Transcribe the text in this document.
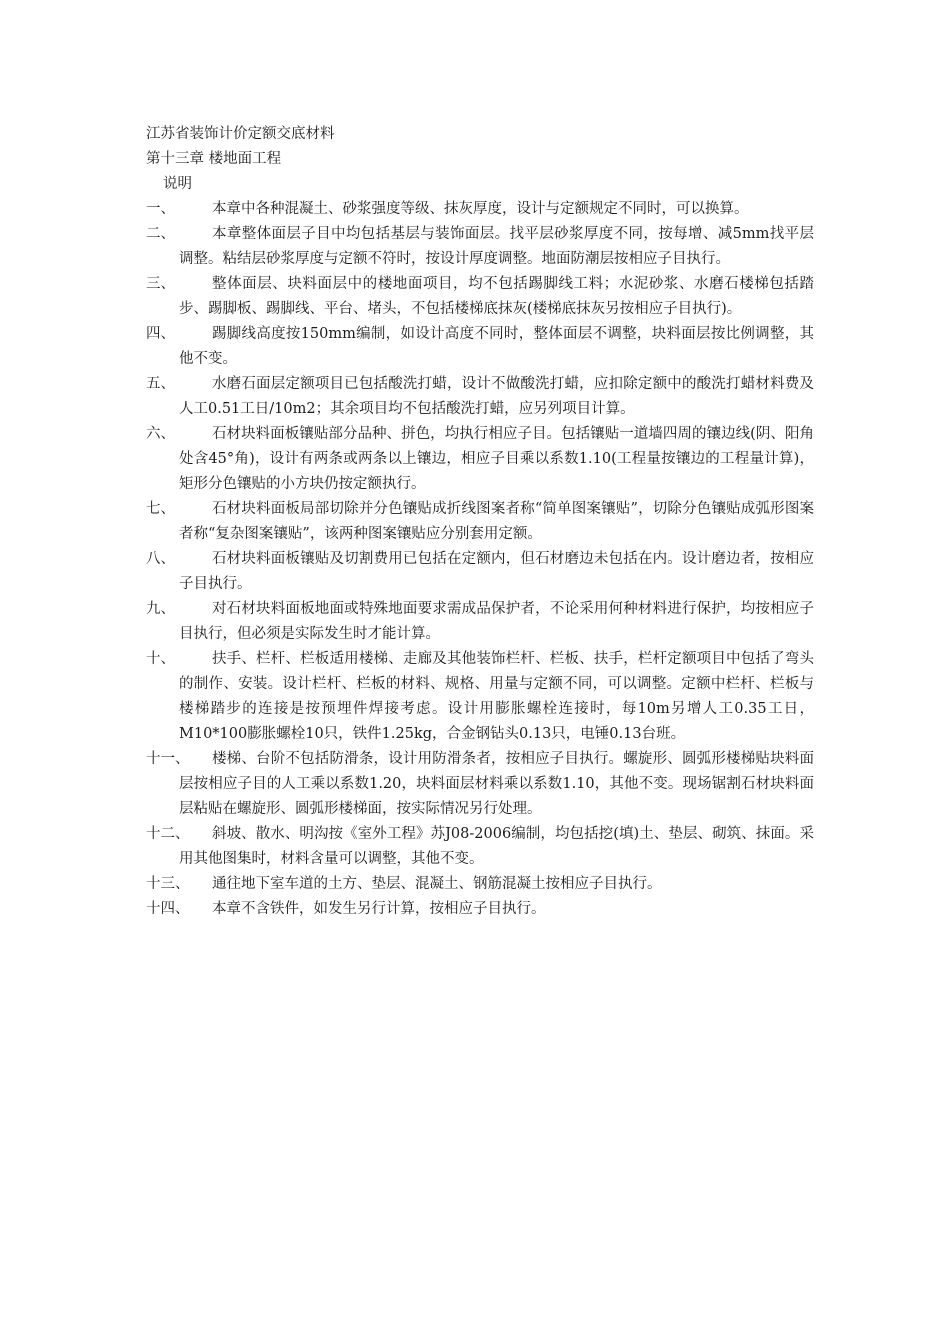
江苏省装饰计价定额交底材料
第十三章 楼地面工程
说明
一、	本章中各种混凝土、砂浆强度等级、抹灰厚度，设计与定额规定不同时，可以换算。
二、	本章整体面层子目中均包括基层与装饰面层。找平层砂浆厚度不同，按每增、减5mm找平层调整。粘结层砂浆厚度与定额不符时，按设计厚度调整。地面防潮层按相应子目执行。
三、	整体面层、块料面层中的楼地面项目，均不包括踢脚线工料；水泥砂浆、水磨石楼梯包括踏步、踢脚板、踢脚线、平台、堵头，不包括楼梯底抹灰(楼梯底抹灰另按相应子目执行)。
四、	踢脚线高度按150mm编制，如设计高度不同时，整体面层不调整，块料面层按比例调整，其他不变。
五、	水磨石面层定额项目已包括酸洗打蜡，设计不做酸洗打蜡，应扣除定额中的酸洗打蜡材料费及人工0.51工日/10m2；其余项目均不包括酸洗打蜡，应另列项目计算。
六、	石材块料面板镶贴部分品种、拼色，均执行相应子目。包括镶贴一道墙四周的镶边线(阴、阳角处含45°角)，设计有两条或两条以上镶边，相应子目乘以系数1.10(工程量按镶边的工程量计算)，矩形分色镶贴的小方块仍按定额执行。
七、	石材块料面板局部切除并分色镶贴成折线图案者称“简单图案镶贴”，切除分色镶贴成弧形图案者称“复杂图案镶贴”，该两种图案镶贴应分别套用定额。
八、	石材块料面板镶贴及切割费用已包括在定额内，但石材磨边未包括在内。设计磨边者，按相应子目执行。
九、	对石材块料面板地面或特殊地面要求需成品保护者，不论采用何种材料进行保护，均按相应子目执行，但必须是实际发生时才能计算。
十、	扶手、栏杆、栏板适用楼梯、走廊及其他装饰栏杆、栏板、扶手，栏杆定额项目中包括了弯头的制作、安装。设计栏杆、栏板的材料、规格、用量与定额不同，可以调整。定额中栏杆、栏板与楼梯踏步的连接是按预埋件焊接考虑。设计用膨胀螺栓连接时，每10m另增人工0.35工日，M10*100膨胀螺栓10只，铁件1.25kg，合金钢钻头0.13只，电锤0.13台班。
十一、	楼梯、台阶不包括防滑条，设计用防滑条者，按相应子目执行。螺旋形、圆弧形楼梯贴块料面层按相应子目的人工乘以系数1.20，块料面层材料乘以系数1.10，其他不变。现场锯割石材块料面层粘贴在螺旋形、圆弧形楼梯面，按实际情况另行处理。
十二、	斜坡、散水、明沟按《室外工程》苏J08-2006编制，均包括挖(填)土、垫层、砌筑、抹面。采用其他图集时，材料含量可以调整，其他不变。
十三、	通往地下室车道的土方、垫层、混凝土、钢筋混凝土按相应子目执行。
十四、	本章不含铁件，如发生另行计算，按相应子目执行。
